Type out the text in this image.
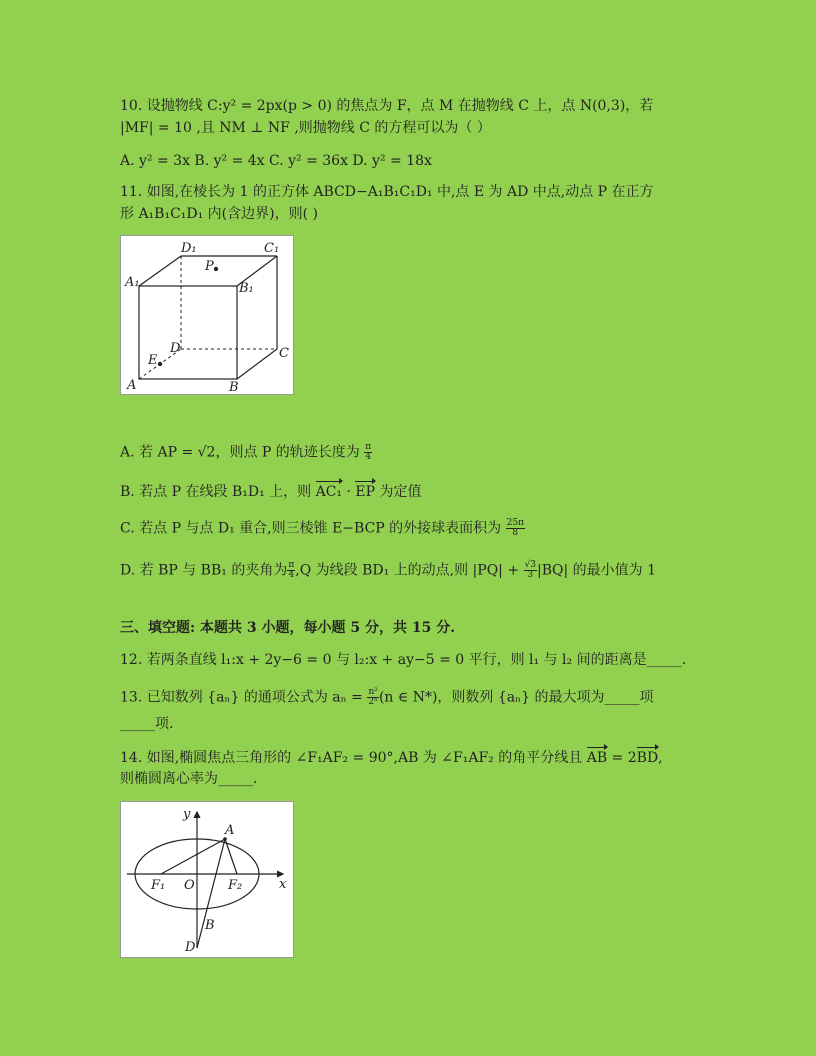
10. 设抛物线 C:y² = 2px(p > 0) 的焦点为 F，点 M 在抛物线 C 上，点 N(0,3)，若
|MF| = 10 ,且 NM ⊥ NF ,则抛物线 C 的方程可以为（ ）
A. y² = 3x B. y² = 4x C. y² = 36x D. y² = 18x
11. 如图,在棱长为 1 的正方体 ABCD−A₁B₁C₁D₁ 中,点 E 为 AD 中点,动点 P 在正方
形 A₁B₁C₁D₁ 内(含边界)，则( )
A	B
C
D
A₁	B₁
C₁
D₁
E
P
A. 若 AP = √2，则点 P 的轨迹长度为 $\frac{\pi}{4}$
B. 若点 P 在线段 B₁D₁ 上，则 AC₁ · EP 为定值
C. 若点 P 与点 D₁ 重合,则三棱锥 E−BCP 的外接球表面积为 $\frac{25\pi}{8}$
D. 若 BP 与 BB₁ 的夹角为 $\frac{\pi}{4} ,Q$ 为线段 BD₁ 上的动点,则 $|PQ| + \frac{√3}{3} |BQ|$ 的最小值为 1
三、填空题: 本题共 3 小题，每小题 5 分，共 15 分.
12. 若两条直线 l₁:x + 2y−6 = 0 与 l₂:x + ay−5 = 0 平行，则 l₁ 与 l₂ 间的距离是_____.
13. 已知数列 {aₙ} 的通项公式为 $a_n = \frac{\text{n²}}{\text{2ⁿ}} (n$ ∈ N*)，则数列 {aₙ} 的最大项为_____项
_____项.
14. 如图,椭圆焦点三角形的 ∠F₁AF₂ = 90°,AB 为 ∠F₁AF₂ 的角平分线且 AB = 2BD,
则椭圆离心率为_____.
y
x
A
O
F₁	F₂
B
D
